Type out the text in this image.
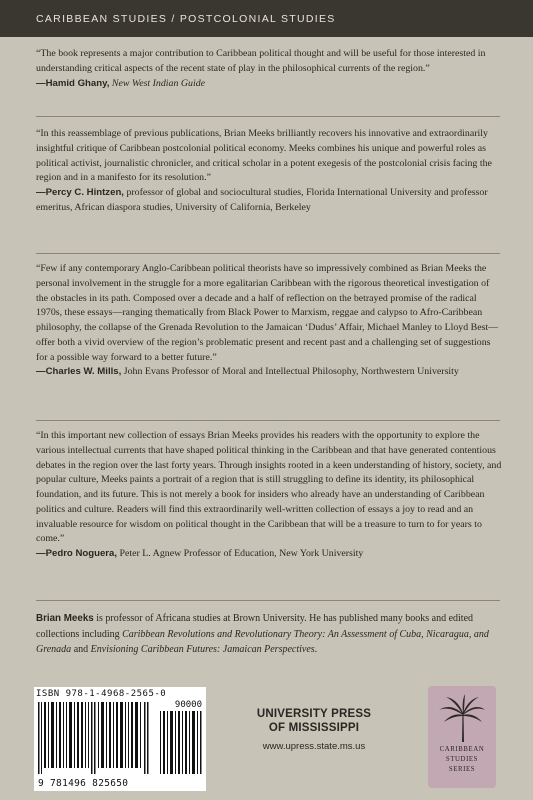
CARIBBEAN STUDIES / POSTCOLONIAL STUDIES

“The book represents a major contribution to Caribbean political thought and will be useful for those interested in understanding critical aspects of the recent state of play in the philosophical currents of the region.”

—Hamid Ghany, New West Indian Guide

“In this reassemblage of previous publications, Brian Meeks brilliantly recovers his innovative and extraordinarily insightful critique of Caribbean postcolonial political economy. Meeks combines his unique and powerful roles as political activist, journalistic chronicler, and critical scholar in a potent exegesis of the postcolonial crisis facing the region and in a manifesto for its resolution.”

—Percy C. Hintzen, professor of global and sociocultural studies, Florida International University and professor emeritus, African diaspora studies, University of California, Berkeley

“Few if any contemporary Anglo-Caribbean political theorists have so impressively combined as Brian Meeks the personal involvement in the struggle for a more egalitarian Caribbean with the rigorous theoretical investigation of the obstacles in its path. Composed over a decade and a half of reflection on the betrayed promise of the radical 1970s, these essays—ranging thematically from Black Power to Marxism, reggae and calypso to Afro-Caribbean philosophy, the collapse of the Grenada Revolution to the Jamaican ‘Dudus’ Affair, Michael Manley to Lloyd Best—offer both a vivid overview of the region’s problematic present and recent past and a challenging set of suggestions for a possible way forward to a better future.”

—Charles W. Mills, John Evans Professor of Moral and Intellectual Philosophy, Northwestern University

“In this important new collection of essays Brian Meeks provides his readers with the opportunity to explore the various intellectual currents that have shaped political thinking in the Caribbean and that have generated contentious debates in the region over the last forty years. Through insights rooted in a keen understanding of history, society, and popular culture, Meeks paints a portrait of a region that is still struggling to define its identity, its philosophical foundation, and its future. This is not merely a book for insiders who already have an understanding of Caribbean politics and culture. Readers will find this extraordinarily well-written collection of essays a joy to read and an invaluable resource for wisdom on political thought in the Caribbean that will be a treasure to turn to for years to come.”

—Pedro Noguera, Peter L. Agnew Professor of Education, New York University

Brian Meeks is professor of Africana studies at Brown University. He has published many books and edited collections including Caribbean Revolutions and Revolutionary Theory: An Assessment of Cuba, Nicaragua, and Grenada and Envisioning Caribbean Futures: Jamaican Perspectives.

ISBN 978-1-4968-2565-0
90000
9 781496 825650
UNIVERSITY PRESS
OF MISSISSIPPI
www.upress.state.ms.us	CARIBBEAN
STUDIES
SERIES
